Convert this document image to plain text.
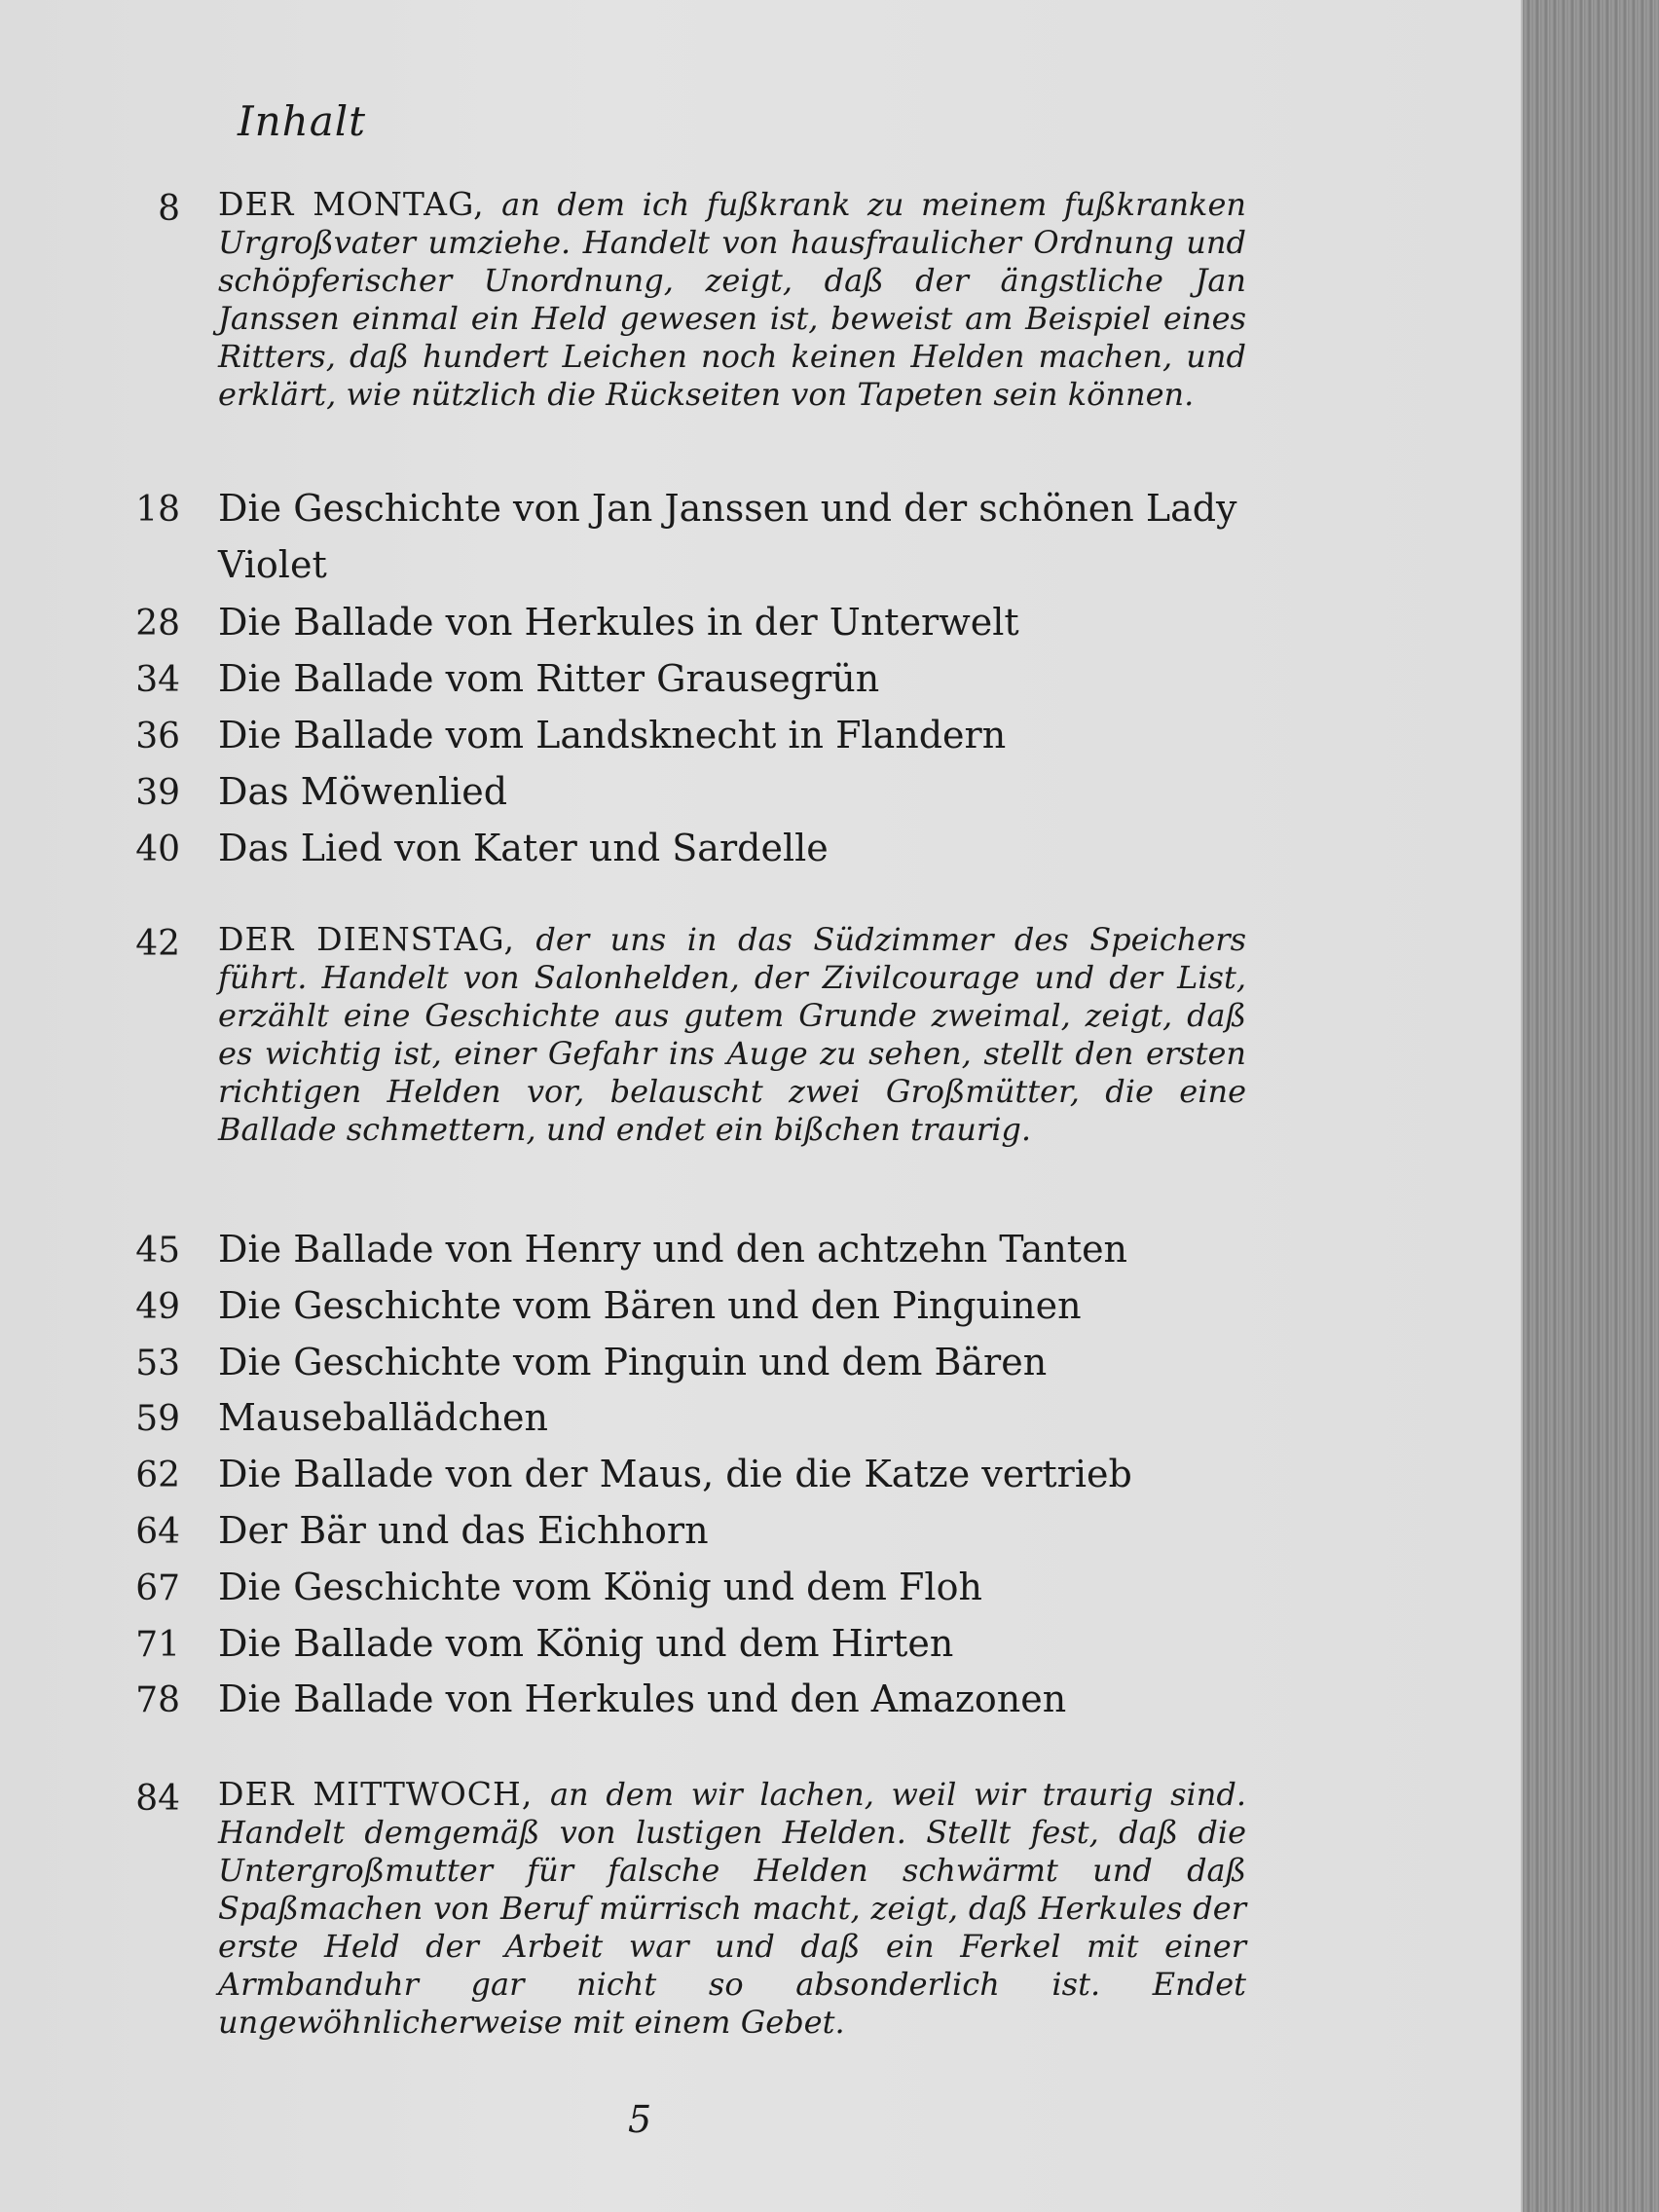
Inhalt
8 DER MONTAG, an dem ich fußkrank zu meinem fußkranken Urgroßvater umziehe. Handelt von hausfraulicher Ordnung und schöpferischer Unordnung, zeigt, daß der ängstliche Jan Janssen einmal ein Held gewesen ist, beweist am Beispiel eines Ritters, daß hundert Leichen noch keinen Helden machen, und erklärt, wie nützlich die Rückseiten von Tapeten sein können.
18 Die Geschichte von Jan Janssen und der schönen Lady Violet
28 Die Ballade von Herkules in der Unterwelt
34 Die Ballade vom Ritter Grausegrün
36 Die Ballade vom Landsknecht in Flandern
39 Das Möwenlied
40 Das Lied von Kater und Sardelle
42 DER DIENSTAG, der uns in das Südzimmer des Speichers führt. Handelt von Salonhelden, der Zivilcourage und der List, erzählt eine Geschichte aus gutem Grunde zweimal, zeigt, daß es wichtig ist, einer Gefahr ins Auge zu sehen, stellt den ersten richtigen Helden vor, belauscht zwei Großmütter, die eine Ballade schmettern, und endet ein bißchen traurig.
45 Die Ballade von Henry und den achtzehn Tanten
49 Die Geschichte vom Bären und den Pinguinen
53 Die Geschichte vom Pinguin und dem Bären
59 Mauseballädchen
62 Die Ballade von der Maus, die die Katze vertrieb
64 Der Bär und das Eichhorn
67 Die Geschichte vom König und dem Floh
71 Die Ballade vom König und dem Hirten
78 Die Ballade von Herkules und den Amazonen
84 DER MITTWOCH, an dem wir lachen, weil wir traurig sind. Handelt demgemäß von lustigen Helden. Stellt fest, daß die Untergroßmutter für falsche Helden schwärmt und daß Spaßmachen von Beruf mürrisch macht, zeigt, daß Herkules der erste Held der Arbeit war und daß ein Ferkel mit einer Armbanduhr gar nicht so absonderlich ist. Endet ungewöhnlicherweise mit einem Gebet.
5
